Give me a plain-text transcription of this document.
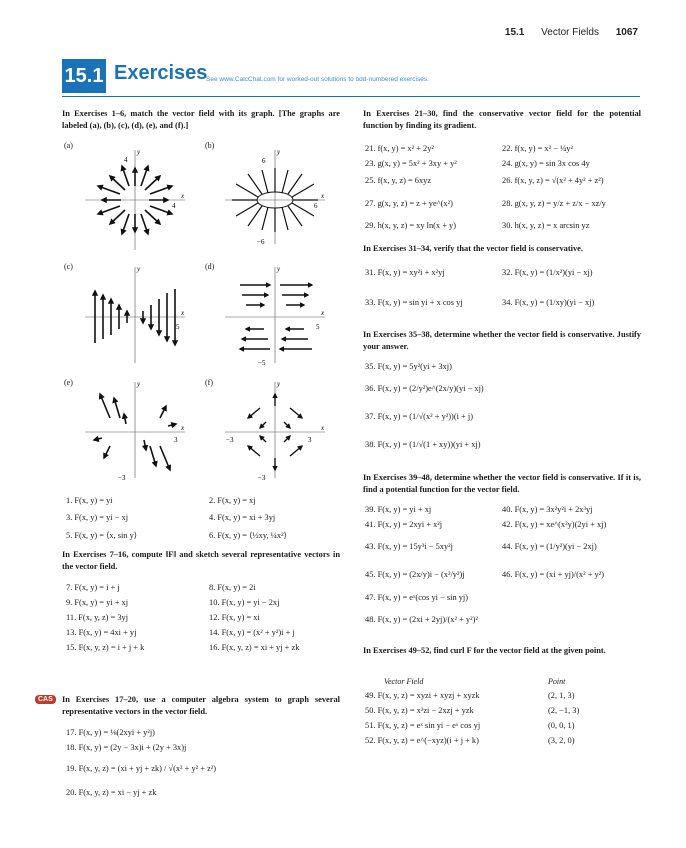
15.1 Vector Fields 1067
15.1 Exercises
See www.CalcChat.com for worked-out solutions to odd-numbered exercises.
In Exercises 1–6, match the vector field with its graph. [The graphs are labeled (a), (b), (c), (d), (e), and (f).]
(a)	(b)
(c)	(d)
(e)	(f)
y
x
4
4
y
x
6
6
−6
y
x
5
y
x
5
−5
y
x
3
−3
y
x
−3	3
−3
1. F(x, y) = yi	2. F(x, y) = xj
3. F(x, y) = yi − xj	4. F(x, y) = xi + 3yj
5. F(x, y) = ⟨x, sin y⟩	6. F(x, y) = ⟨½xy, ¼x²⟩
In Exercises 7–16, compute ‖F‖ and sketch several representative vectors in the vector field.
7. F(x, y) = i + j	8. F(x, y) = 2i
9. F(x, y) = yi + xj	10. F(x, y) = yi − 2xj
11. F(x, y, z) = 3yj	12. F(x, y) = xi
13. F(x, y) = 4xi + yj	14. F(x, y) = (x² + y²)i + j
15. F(x, y, z) = i + j + k	16. F(x, y, z) = xi + yj + zk
CAS	In Exercises 17–20, use a computer algebra system to graph several representative vectors in the vector field.
17. F(x, y) = ⅛(2xyi + y²j)
18. F(x, y) = (2y − 3x)i + (2y + 3x)j
19. F(x, y, z) = (xi + yj + zk) / √(x² + y² + z²)
20. F(x, y, z) = xi − yj + zk
In Exercises 21–30, find the conservative vector field for the potential function by finding its gradient.
21. f(x, y) = x² + 2y²	22. f(x, y) = x² − ¼y²
23. g(x, y) = 5x² + 3xy + y²	24. g(x, y) = sin 3x cos 4y
25. f(x, y, z) = 6xyz	26. f(x, y, z) = √(x² + 4y² + z²)
27. g(x, y, z) = z + ye^(x²)	28. g(x, y, z) = y/z + z/x − xz/y
29. h(x, y, z) = xy ln(x + y)	30. h(x, y, z) = x arcsin yz
In Exercises 31–34, verify that the vector field is conservative.
31. F(x, y) = xy²i + x²yj	32. F(x, y) = (1/x²)(yi − xj)
33. F(x, y) = sin yi + x cos yj	34. F(x, y) = (1/xy)(yi − xj)
In Exercises 35–38, determine whether the vector field is conservative. Justify your answer.
35. F(x, y) = 5y²(yi + 3xj)
36. F(x, y) = (2/y²)e^(2x/y)(yi − xj)
37. F(x, y) = (1/√(x² + y²))(i + j)
38. F(x, y) = (1/√(1 + xy))(yi + xj)
In Exercises 39–48, determine whether the vector field is conservative. If it is, find a potential function for the vector field.
39. F(x, y) = yi + xj	40. F(x, y) = 3x²y²i + 2x³yj
41. F(x, y) = 2xyi + x²j	42. F(x, y) = xe^(x²y)(2yi + xj)
43. F(x, y) = 15y³i − 5xy²j	44. F(x, y) = (1/y²)(yi − 2xj)
45. F(x, y) = (2x/y)i − (x²/y²)j	46. F(x, y) = (xi + yj)/(x² + y²)
47. F(x, y) = eˣ(cos yi − sin yj)
48. F(x, y) = (2xi + 2yj)/(x² + y²)²
In Exercises 49–52, find curl F for the vector field at the given point.
Vector Field	Point
49. F(x, y, z) = xyzi + xyzj + xyzk	(2, 1, 3)
50. F(x, y, z) = x²zi − 2xzj + yzk	(2, −1, 3)
51. F(x, y, z) = eˣ sin yi − eˣ cos yj	(0, 0, 1)
52. F(x, y, z) = e^(−xyz)(i + j + k)	(3, 2, 0)
